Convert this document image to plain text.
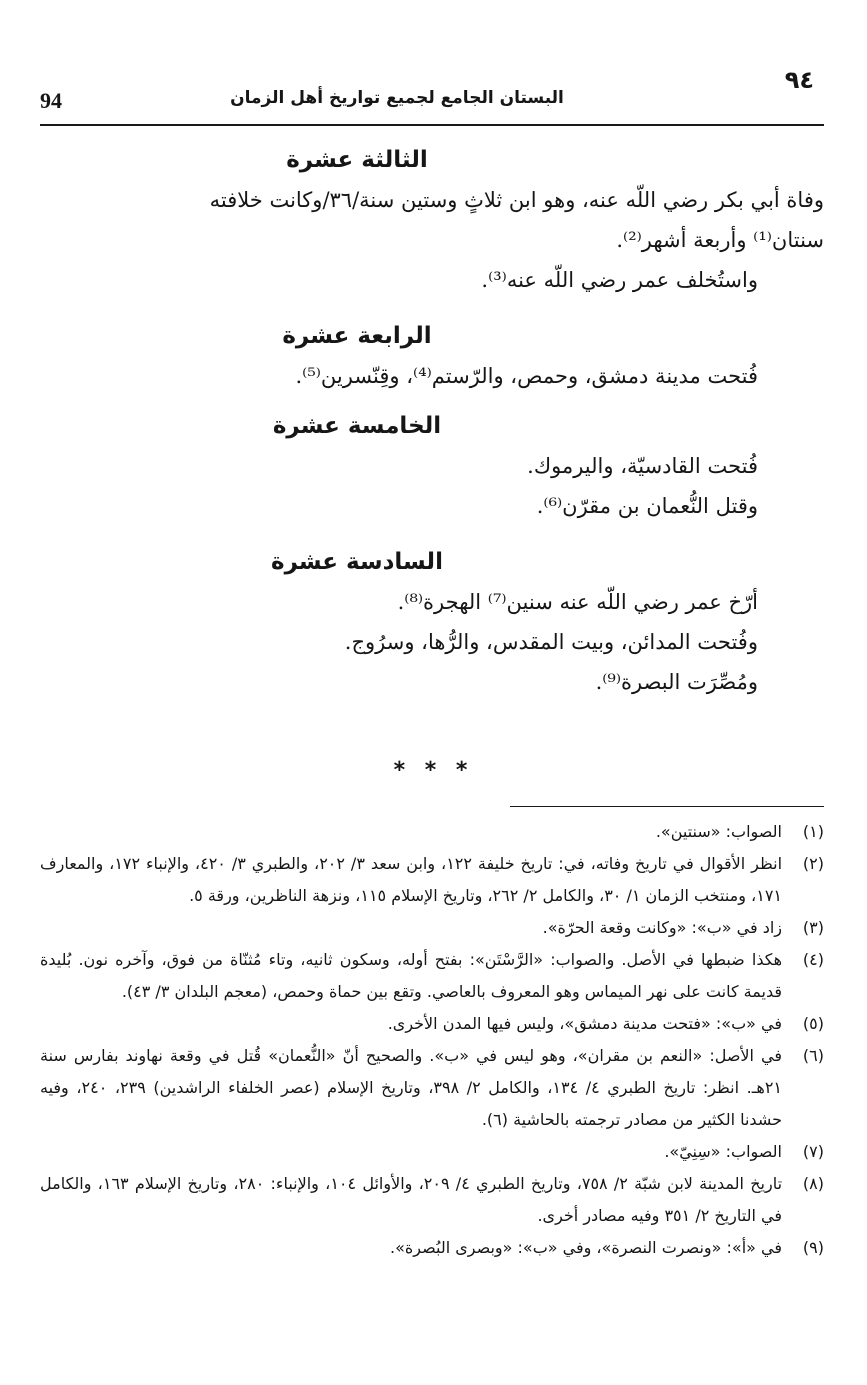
94	البستان الجامع لجميع تواريخ أهل الزمان
٩٤
الثالثة عشرة

وفاة أبي بكر رضي اللّه عنه، وهو ابن ثلاثٍ وستين سنة/٣٦/وكانت خلافته

سنتان⁽¹⁾ وأربعة أشهر⁽²⁾.

واستُخلف عمر رضي اللّه عنه⁽³⁾.

الرابعة عشرة

فُتحت مدينة دمشق، وحمص، والرّستم⁽⁴⁾، وقِنّسرين⁽⁵⁾.

الخامسة عشرة

فُتحت القادسيّة، واليرموك.

وقتل النُّعمان بن مقرّن⁽⁶⁾.

السادسة عشرة

أرّخ عمر رضي اللّه عنه سنين⁽⁷⁾ الهجرة⁽⁸⁾.

وفُتحت المدائن، وبيت المقدس، والرُّها، وسرُوج.

ومُصِّرَت البصرة⁽⁹⁾.

* * *
(١)
الصواب: «سنتين».
(٢)
انظر الأقوال في تاريخ وفاته، في: تاريخ خليفة ١٢٢، وابن سعد ٣/ ٢٠٢، والطبري ٣/ ٤٢٠، والإنباء ١٧٢، والمعارف ١٧١، ومنتخب الزمان ١/ ٣٠، والكامل ٢/ ٢٦٢، وتاريخ الإسلام ١١٥، ونزهة الناظرين، ورقة ٥.
(٣)
زاد في «ب»: «وكانت وقعة الحرّة».
(٤)
هكذا ضبطها في الأصل. والصواب: «الرَّسْتَن»: بفتح أوله، وسكون ثانيه، وتاء مُثنّاة من فوق، وآخره نون. بُليدة قديمة كانت على نهر الميماس وهو المعروف بالعاصي. وتقع بين حماة وحمص، (معجم البلدان ٣/ ٤٣).
(٥)
في «ب»: «فتحت مدينة دمشق»، وليس فيها المدن الأخرى.
(٦)
في الأصل: «النعم بن مقران»، وهو ليس في «ب». والصحيح أنّ «النُّعمان» قُتل في وقعة نهاوند بفارس سنة ٢١هـ. انظر: تاريخ الطبري ٤/ ١٣٤، والكامل ٢/ ٣٩٨، وتاريخ الإسلام (عصر الخلفاء الراشدين) ٢٣٩، ٢٤٠، وفيه حشدنا الكثير من مصادر ترجمته بالحاشية (٦).
(٧)
الصواب: «سِنِيّ».
(٨)
تاريخ المدينة لابن شبّة ٢/ ٧٥٨، وتاريخ الطبري ٤/ ٢٠٩، والأوائل ١٠٤، والإنباء: ٢٨٠، وتاريخ الإسلام ١٦٣، والكامل في التاريخ ٢/ ٣٥١ وفيه مصادر أخرى.
(٩)
في «أ»: «ونصرت النصرة»، وفي «ب»: «وبصرى البُصرة».
